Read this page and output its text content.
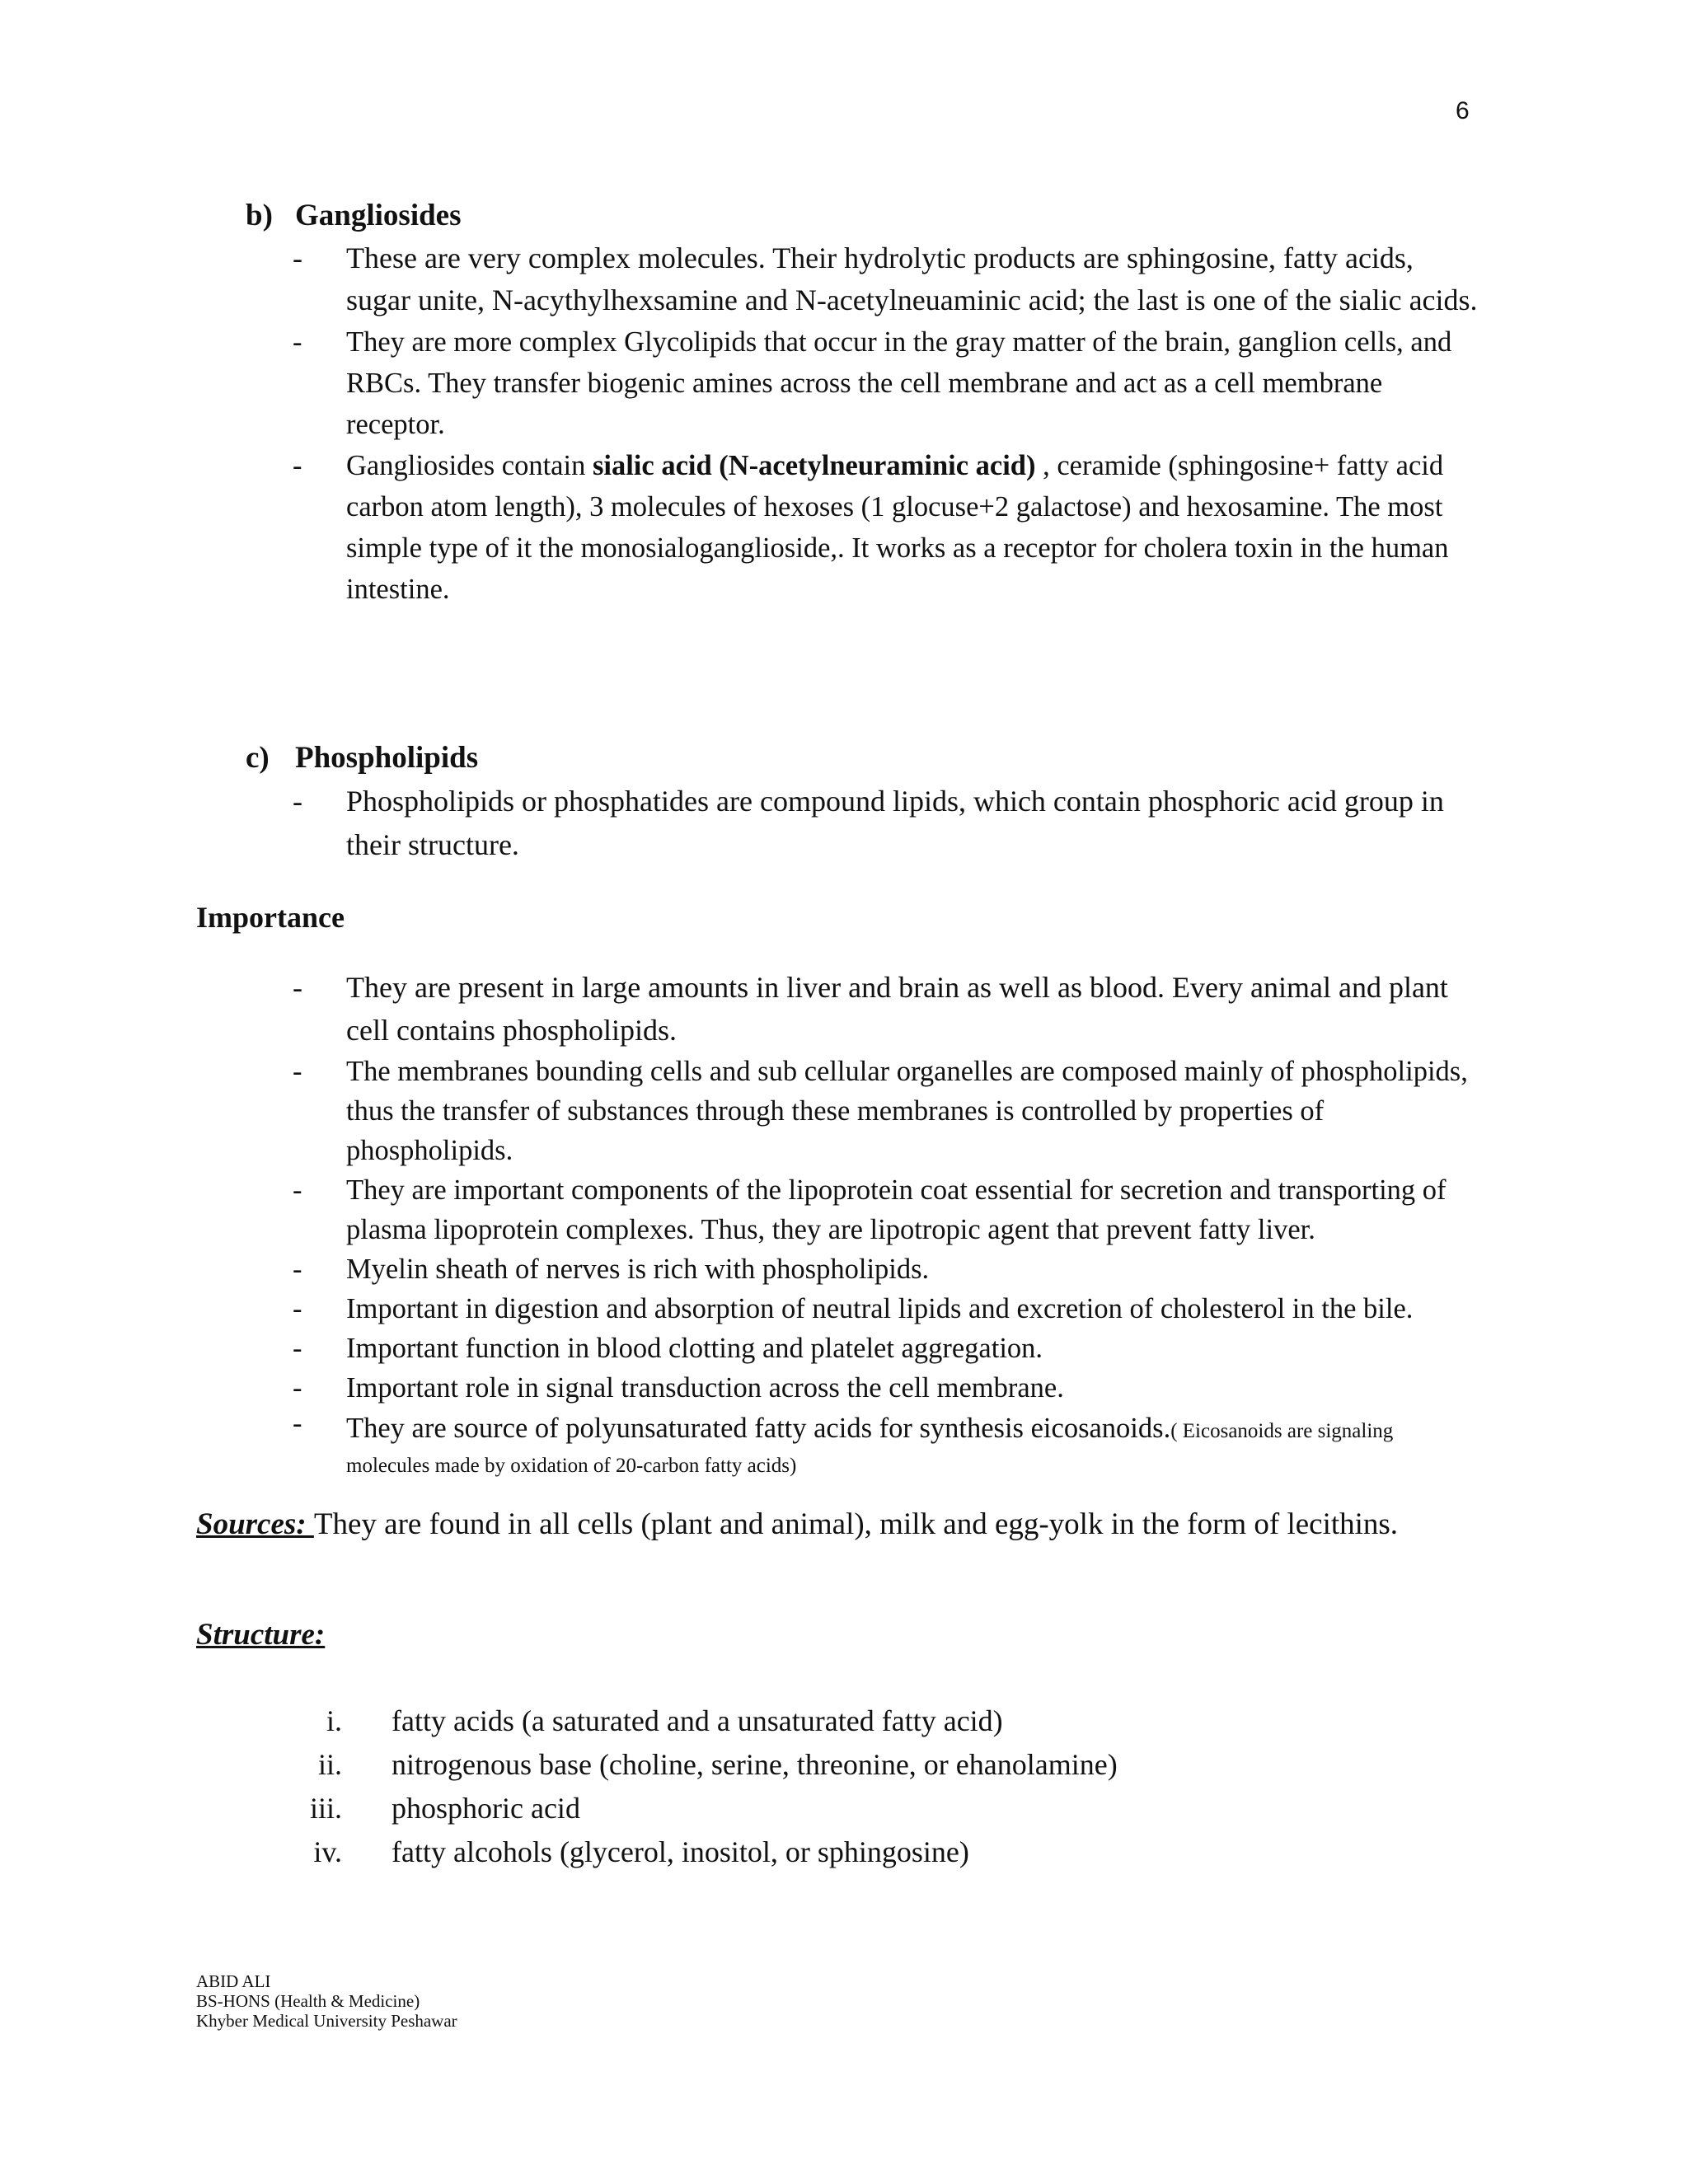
6
b) Gangliosides
- These are very complex molecules. Their hydrolytic products are sphingosine, fatty acids, sugar unite, N-acythylhexsamine and N-acetylneuaminic acid; the last is one of the sialic acids.
- They are more complex Glycolipids that occur in the gray matter of the brain, ganglion cells, and RBCs. They transfer biogenic amines across the cell membrane and act as a cell membrane receptor.
- Gangliosides contain sialic acid (N-acetylneuraminic acid) , ceramide (sphingosine+ fatty acid carbon atom length), 3 molecules of hexoses (1 glocuse+2 galactose) and hexosamine. The most simple type of it the monosialoganglioside,. It works as a receptor for cholera toxin in the human intestine.
c) Phospholipids
- Phospholipids or phosphatides are compound lipids, which contain phosphoric acid group in their structure.
Importance
- They are present in large amounts in liver and brain as well as blood. Every animal and plant cell contains phospholipids.
- The membranes bounding cells and sub cellular organelles are composed mainly of phospholipids, thus the transfer of substances through these membranes is controlled by properties of phospholipids.
- They are important components of the lipoprotein coat essential for secretion and transporting of plasma lipoprotein complexes. Thus, they are lipotropic agent that prevent fatty liver.
- Myelin sheath of nerves is rich with phospholipids.
- Important in digestion and absorption of neutral lipids and excretion of cholesterol in the bile.
- Important function in blood clotting and platelet aggregation.
- Important role in signal transduction across the cell membrane.
- They are source of polyunsaturated fatty acids for synthesis eicosanoids.( Eicosanoids are signaling molecules made by oxidation of 20-carbon fatty acids)
Sources: They are found in all cells (plant and animal), milk and egg-yolk in the form of lecithins.
Structure:
i. fatty acids (a saturated and a unsaturated fatty acid)
ii. nitrogenous base (choline, serine, threonine, or ehanolamine)
iii. phosphoric acid
iv. fatty alcohols (glycerol, inositol, or sphingosine)
ABID ALI
BS-HONS (Health & Medicine)
Khyber Medical University Peshawar
